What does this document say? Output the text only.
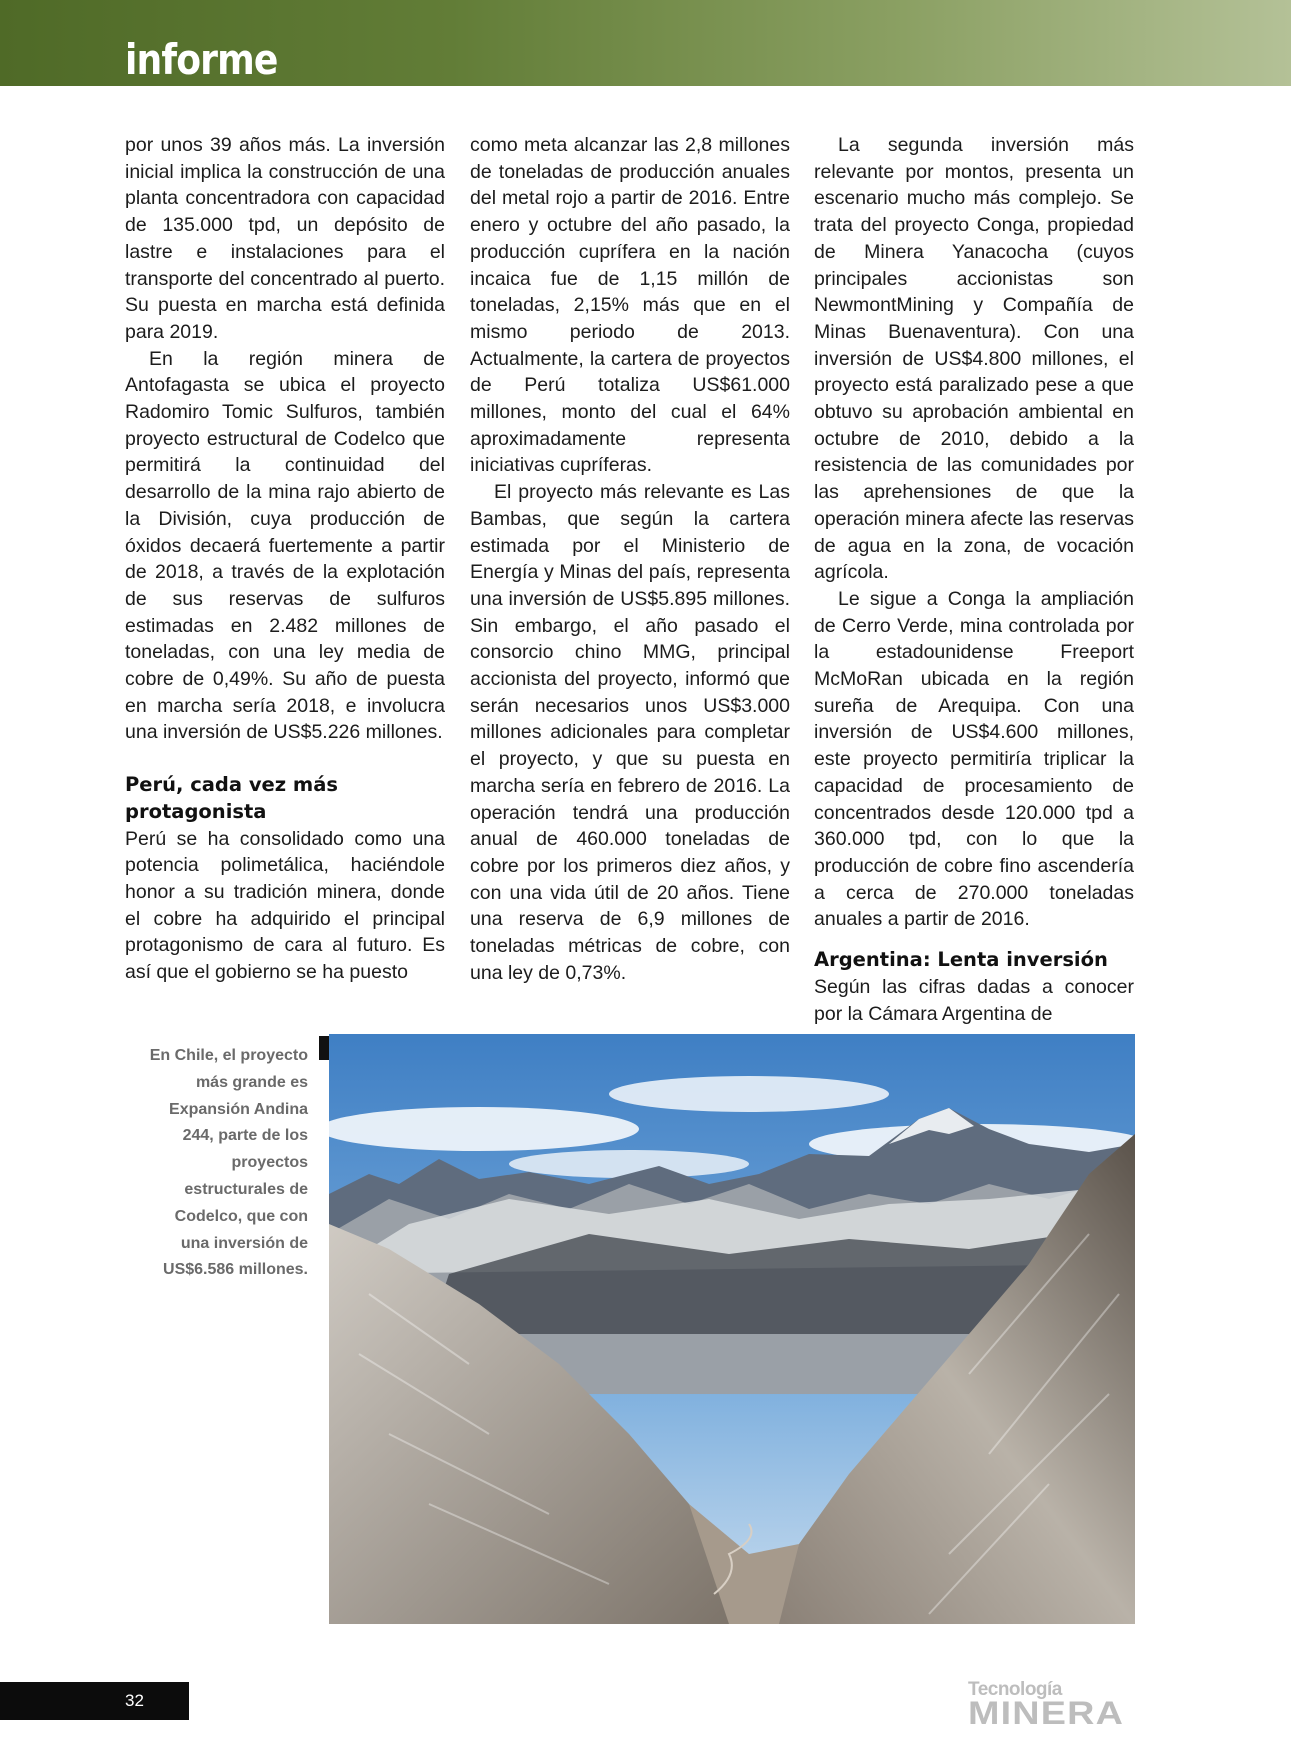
informe

por unos 39 años más. La inversión inicial implica la construcción de una planta concentradora con capacidad de 135.000 tpd, un depósito de lastre e instalaciones para el transporte del concentrado al puerto. Su puesta en marcha está definida para 2019.

En la región minera de Antofagasta se ubica el proyecto Radomiro Tomic Sulfuros, también proyecto estructural de Codelco que permitirá la continuidad del desarrollo de la mina rajo abierto de la División, cuya producción de óxidos decaerá fuertemente a partir de 2018, a través de la explotación de sus reservas de sulfuros estimadas en 2.482 millones de toneladas, con una ley media de cobre de 0,49%. Su año de puesta en marcha sería 2018, e involucra una inversión de US$5.226 millones.

Perú, cada vez más protagonista

Perú se ha consolidado como una potencia polimetálica, haciéndole honor a su tradición minera, donde el cobre ha adquirido el principal protagonismo de cara al futuro. Es así que el gobierno se ha puesto

como meta alcanzar las 2,8 millones de toneladas de producción anuales del metal rojo a partir de 2016. Entre enero y octubre del año pasado, la producción cuprífera en la nación incaica fue de 1,15 millón de toneladas, 2,15% más que en el mismo periodo de 2013. Actualmente, la cartera de proyectos de Perú totaliza US$61.000 millones, monto del cual el 64% aproximadamente representa iniciativas cupríferas.

El proyecto más relevante es Las Bambas, que según la cartera estimada por el Ministerio de Energía y Minas del país, representa una inversión de US$5.895 millones. Sin embargo, el año pasado el consorcio chino MMG, principal accionista del proyecto, informó que serán necesarios unos US$3.000 millones adicionales para completar el proyecto, y que su puesta en marcha sería en febrero de 2016. La operación tendrá una producción anual de 460.000 toneladas de cobre por los primeros diez años, y con una vida útil de 20 años. Tiene una reserva de 6,9 millones de toneladas métricas de cobre, con una ley de 0,73%.

La segunda inversión más relevante por montos, presenta un escenario mucho más complejo. Se trata del proyecto Conga, propiedad de Minera Yanacocha (cuyos principales accionistas son NewmontMining y Compañía de Minas Buenaventura). Con una inversión de US$4.800 millones, el proyecto está paralizado pese a que obtuvo su aprobación ambiental en octubre de 2010, debido a la resistencia de las comunidades por las aprehensiones de que la operación minera afecte las reservas de agua en la zona, de vocación agrícola.

Le sigue a Conga la ampliación de Cerro Verde, mina controlada por la estadounidense Freeport McMoRan ubicada en la región sureña de Arequipa. Con una inversión de US$4.600 millones, este proyecto permitiría triplicar la capacidad de procesamiento de concentrados desde 120.000 tpd a 360.000 tpd, con lo que la producción de cobre fino ascendería a cerca de 270.000 toneladas anuales a partir de 2016.

Argentina: Lenta inversión

Según las cifras dadas a conocer por la Cámara Argentina de

En Chile, el proyecto más grande es Expansión Andina 244, parte de los proyectos estructurales de Codelco, que con una inversión de US$6.586 millones.

32
Tecnología
MINERA
